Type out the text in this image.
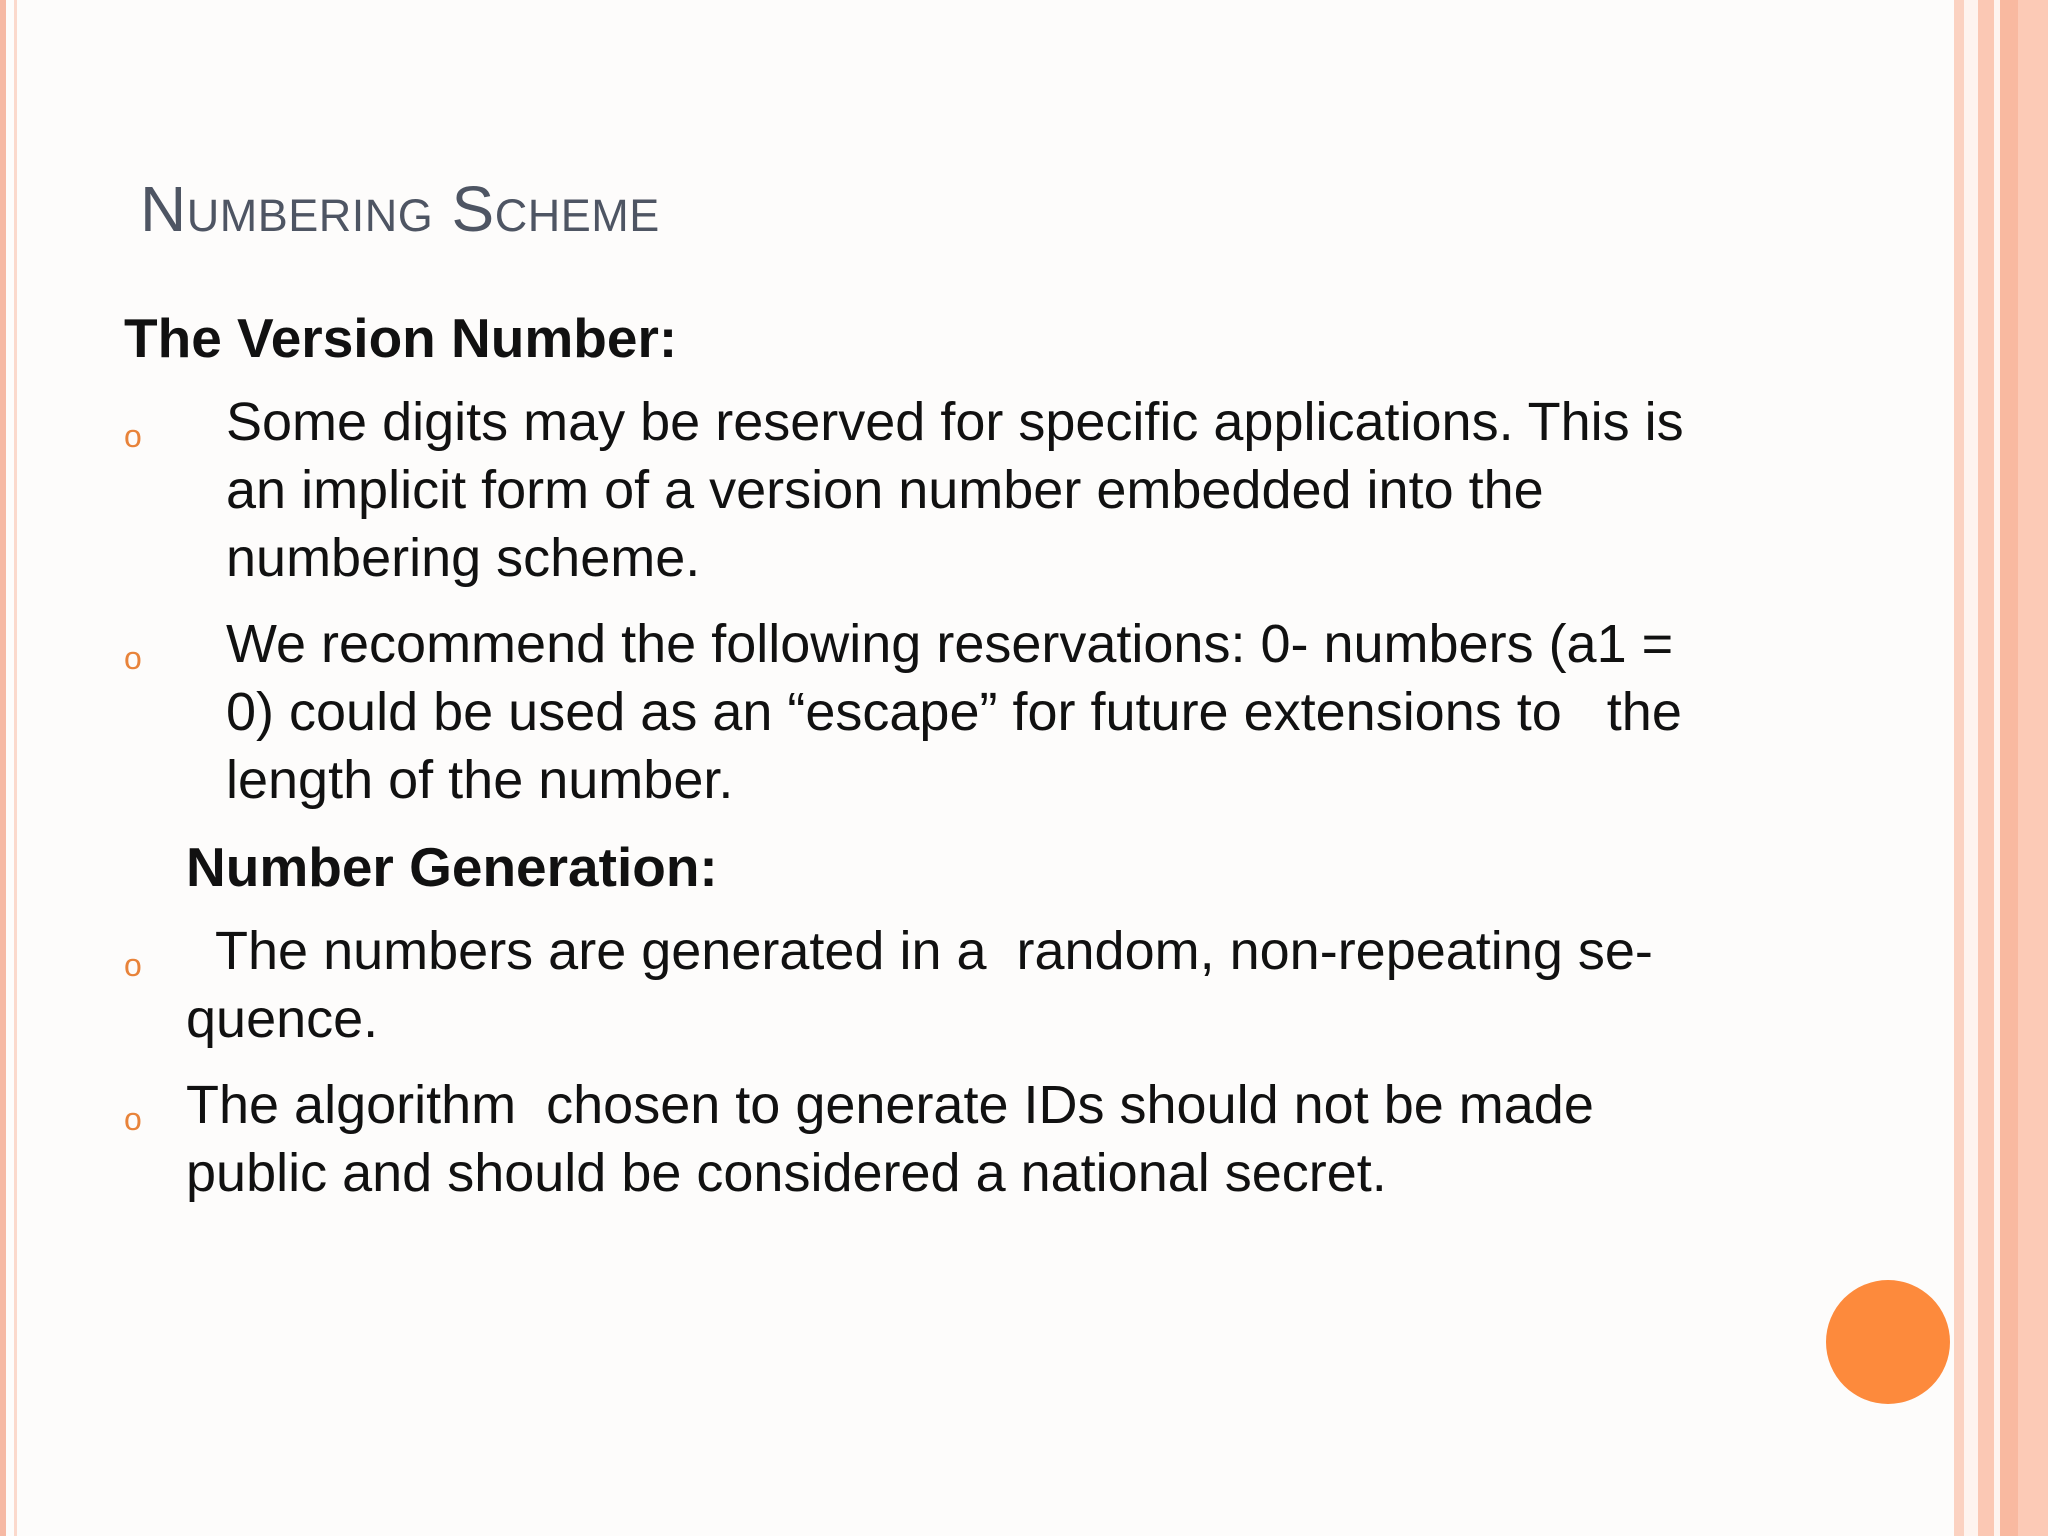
Numbering Scheme
The Version Number:
o Some digits may be reserved for specific applications. This is
an implicit form of a version number embedded into the
numbering scheme.
o We recommend the following reservations: 0- numbers (a1 =
0) could be used as an “escape” for future extensions to   the
length of the number.
Number Generation:
o The numbers are generated in a  random, non-repeating se-
quence.
o The algorithm  chosen to generate IDs should not be made
public and should be considered a national secret.
